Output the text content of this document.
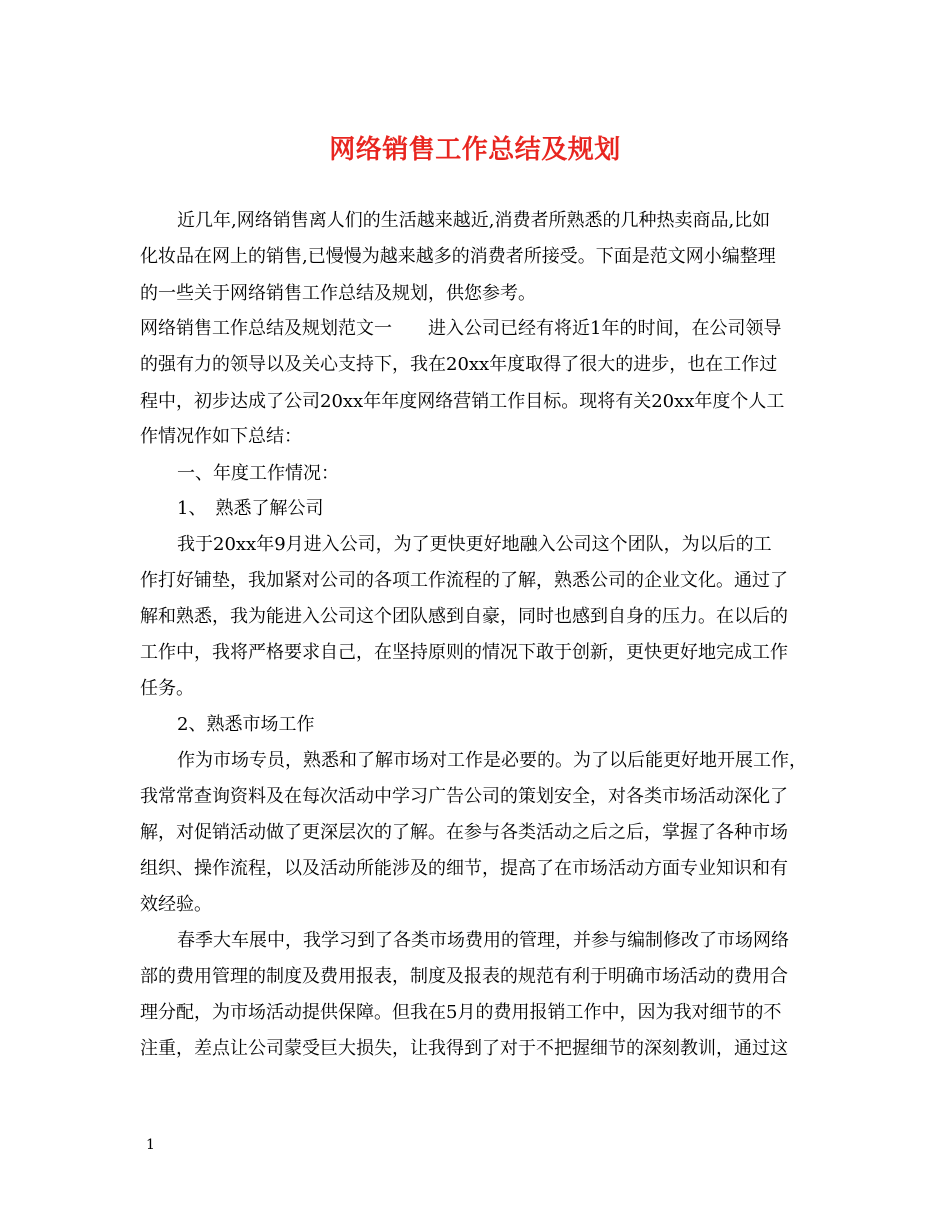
网络销售工作总结及规划
近几年,网络销售离人们的生活越来越近,消费者所熟悉的几种热卖商品,比如
化妆品在网上的销售,已慢慢为越来越多的消费者所接受。下面是范文网小编整理
的一些关于网络销售工作总结及规划，供您参考。
网络销售工作总结及规划范文一　　进入公司已经有将近1年的时间，在公司领导
的强有力的领导以及关心支持下，我在20xx年度取得了很大的进步，也在工作过
程中，初步达成了公司20xx年年度网络营销工作目标。现将有关20xx年度个人工
作情况作如下总结：
一、年度工作情况：
1、　熟悉了解公司
我于20xx年9月进入公司，为了更快更好地融入公司这个团队，为以后的工
作打好铺垫，我加紧对公司的各项工作流程的了解，熟悉公司的企业文化。通过了
解和熟悉，我为能进入公司这个团队感到自豪，同时也感到自身的压力。在以后的
工作中，我将严格要求自己，在坚持原则的情况下敢于创新，更快更好地完成工作
任务。
2、熟悉市场工作
作为市场专员，熟悉和了解市场对工作是必要的。为了以后能更好地开展工作，
我常常查询资料及在每次活动中学习广告公司的策划安全，对各类市场活动深化了
解，对促销活动做了更深层次的了解。在参与各类活动之后之后，掌握了各种市场
组织、操作流程，以及活动所能涉及的细节，提高了在市场活动方面专业知识和有
效经验。
春季大车展中，我学习到了各类市场费用的管理，并参与编制修改了市场网络
部的费用管理的制度及费用报表，制度及报表的规范有利于明确市场活动的费用合
理分配，为市场活动提供保障。但我在5月的费用报销工作中，因为我对细节的不
注重，差点让公司蒙受巨大损失，让我得到了对于不把握细节的深刻教训，通过这
1
